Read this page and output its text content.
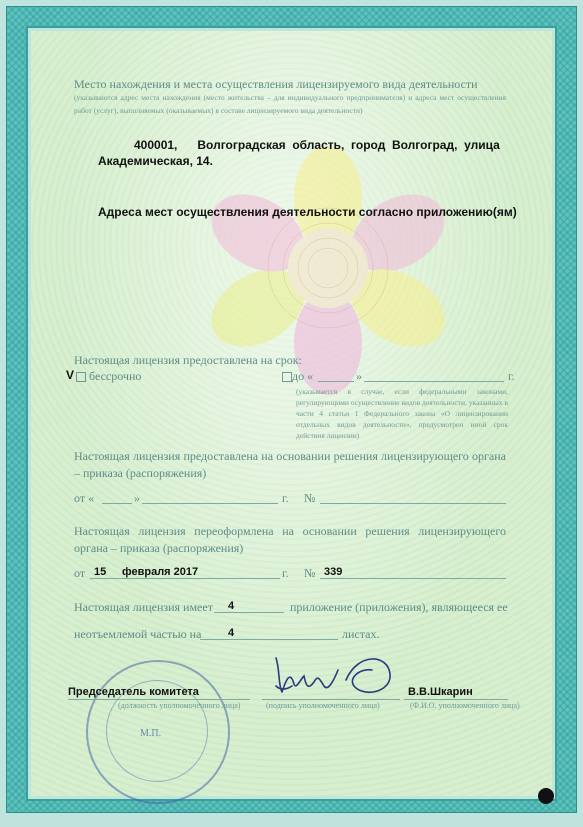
Место нахождения и места осуществления лицензируемого вида деятельности
(указываются адрес места нахождения (место жительства – для индивидуального предпринимателя) и адреса мест осуществления работ (услуг), выполняемых (оказываемых) в составе лицензируемого вида деятельности)
400001,      Волгоградская  область,  город  Волгоград,  улица
Академическая, 14.
Адреса мест осуществления деятельности согласно приложению(ям)
Настоящая лицензия предоставлена на срок:
V	бессрочно	до «	»	г.
(указывается в случае, если федеральными законами, регулирующими осуществление видов деятельности, указанных в части 4 статьи 1 Федерального закона «О лицензировании отдельных видов деятельности», предусмотрен иной срок действия лицензии)
Настоящая лицензия предоставлена на основании решения лицензирующего органа – приказа (распоряжения)
от «	»	г. №
Настоящая лицензия переоформлена на основании решения лицензирующего органа – приказа (распоряжения)
от 15 февраля 2017	г. № 339
Настоящая лицензия имеет 4	приложение (приложения), являющееся ее
неотъемлемой частью на 4	листах.
М.П.
Председатель комитета
(должность уполномоченного лица)	(подпись уполномоченного лица)
В.В.Шкарин
(Ф.И.О. уполномоченного лица)
